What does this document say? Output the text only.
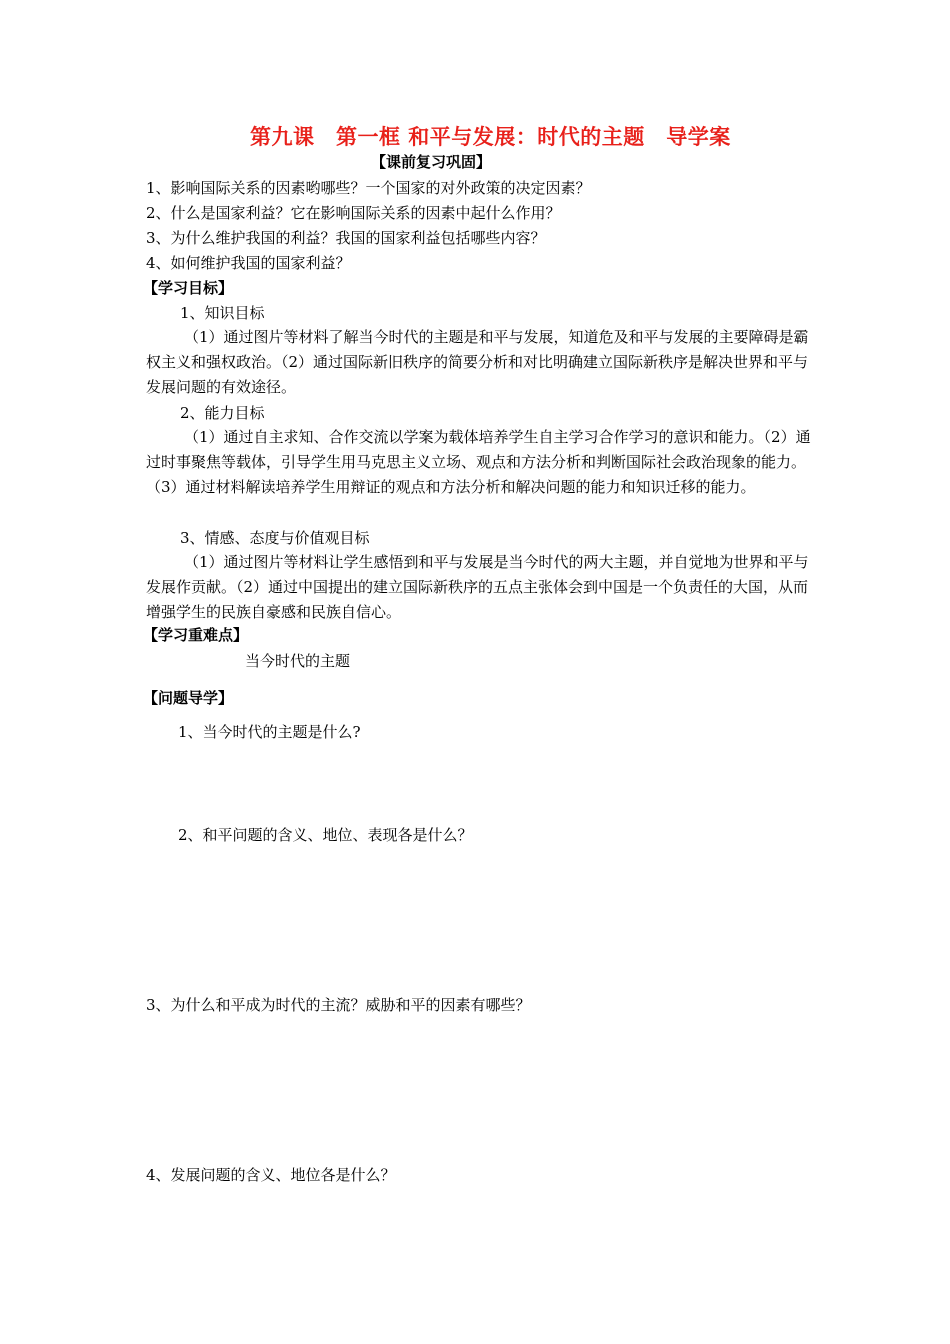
第九课　第一框 和平与发展：时代的主题　导学案
【课前复习巩固】
1、影响国际关系的因素哟哪些？一个国家的对外政策的决定因素？
2、什么是国家利益？它在影响国际关系的因素中起什么作用？
3、为什么维护我国的利益？我国的国家利益包括哪些内容？
4、如何维护我国的国家利益？
【学习目标】
1、知识目标
（1）通过图片等材料了解当今时代的主题是和平与发展，知道危及和平与发展的主要障碍是霸权主义和强权政治。（2）通过国际新旧秩序的简要分析和对比明确建立国际新秩序是解决世界和平与发展问题的有效途径。
2、能力目标
（1）通过自主求知、合作交流以学案为载体培养学生自主学习合作学习的意识和能力。（2）通过时事聚焦等载体，引导学生用马克思主义立场、观点和方法分析和判断国际社会政治现象的能力。（3）通过材料解读培养学生用辩证的观点和方法分析和解决问题的能力和知识迁移的能力。
3、情感、态度与价值观目标
（1）通过图片等材料让学生感悟到和平与发展是当今时代的两大主题，并自觉地为世界和平与发展作贡献。（2）通过中国提出的建立国际新秩序的五点主张体会到中国是一个负责任的大国，从而增强学生的民族自豪感和民族自信心。
【学习重难点】
当今时代的主题
【问题导学】
1、当今时代的主题是什么?
2、和平问题的含义、地位、表现各是什么？
3、为什么和平成为时代的主流？威胁和平的因素有哪些？
4、发展问题的含义、地位各是什么？
